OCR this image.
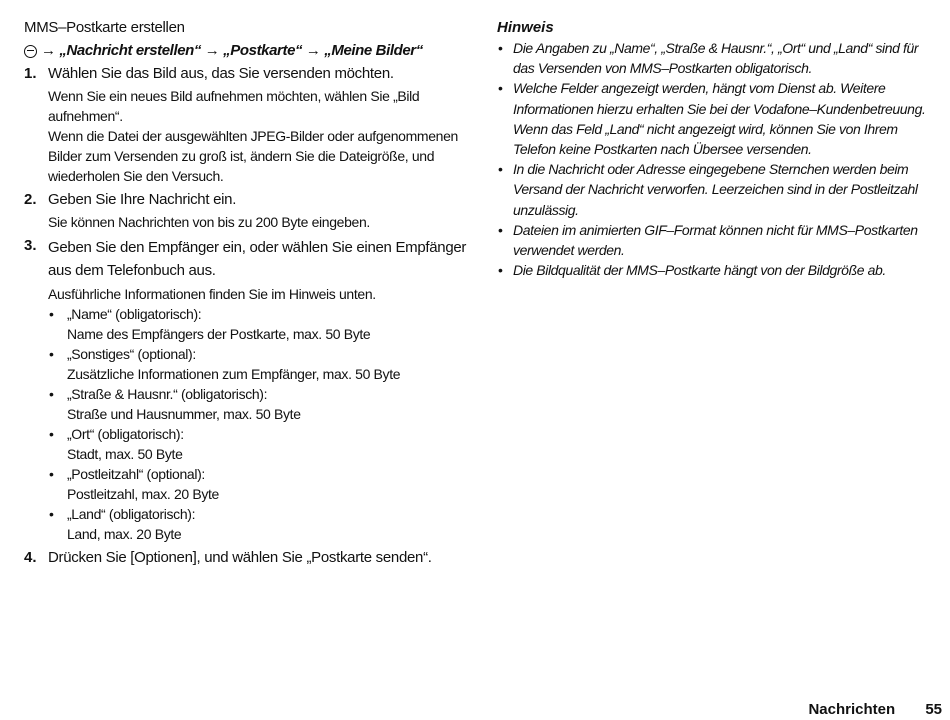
MMS–Postkarte erstellen
→ „Nachricht erstellen“ → „Postkarte“ → „Meine Bilder“
1. Wählen Sie das Bild aus, das Sie versenden möchten.

Wenn Sie ein neues Bild aufnehmen möchten, wählen Sie „Bild aufnehmen“.

Wenn die Datei der ausgewählten JPEG-Bilder oder aufgenommenen Bilder zum Versenden zu groß ist, ändern Sie die Dateigröße, und wiederholen Sie den Versuch.

2. Geben Sie Ihre Nachricht ein.

Sie können Nachrichten von bis zu 200 Byte eingeben.

3. Geben Sie den Empfänger ein, oder wählen Sie einen Empfänger aus dem Telefonbuch aus.

Ausführliche Informationen finden Sie im Hinweis unten.

• „Name“ (obligatorisch):
Name des Empfängers der Postkarte, max. 50 Byte
• „Sonstiges“ (optional):
Zusätzliche Informationen zum Empfänger, max. 50 Byte
• „Straße & Hausnr.“ (obligatorisch):
Straße und Hausnummer, max. 50 Byte
• „Ort“ (obligatorisch):
Stadt, max. 50 Byte
• „Postleitzahl“ (optional):
Postleitzahl, max. 20 Byte
• „Land“ (obligatorisch):
Land, max. 20 Byte
4. Drücken Sie [Optionen], und wählen Sie „Postkarte senden“.
Hinweis
• Die Angaben zu „Name“, „Straße & Hausnr.“, „Ort“ und „Land“ sind für das Versenden von MMS–Postkarten obligatorisch.
• Welche Felder angezeigt werden, hängt vom Dienst ab. Weitere Informationen hierzu erhalten Sie bei der Vodafone–Kundenbetreuung. Wenn das Feld „Land“ nicht angezeigt wird, können Sie von Ihrem Telefon keine Postkarten nach Übersee versenden.
• In die Nachricht oder Adresse eingegebene Sternchen werden beim Versand der Nachricht verworfen. Leerzeichen sind in der Postleitzahl unzulässig.
• Dateien im animierten GIF–Format können nicht für MMS–Postkarten verwendet werden.
• Die Bildqualität der MMS–Postkarte hängt von der Bildgröße ab.
Nachrichten 55
